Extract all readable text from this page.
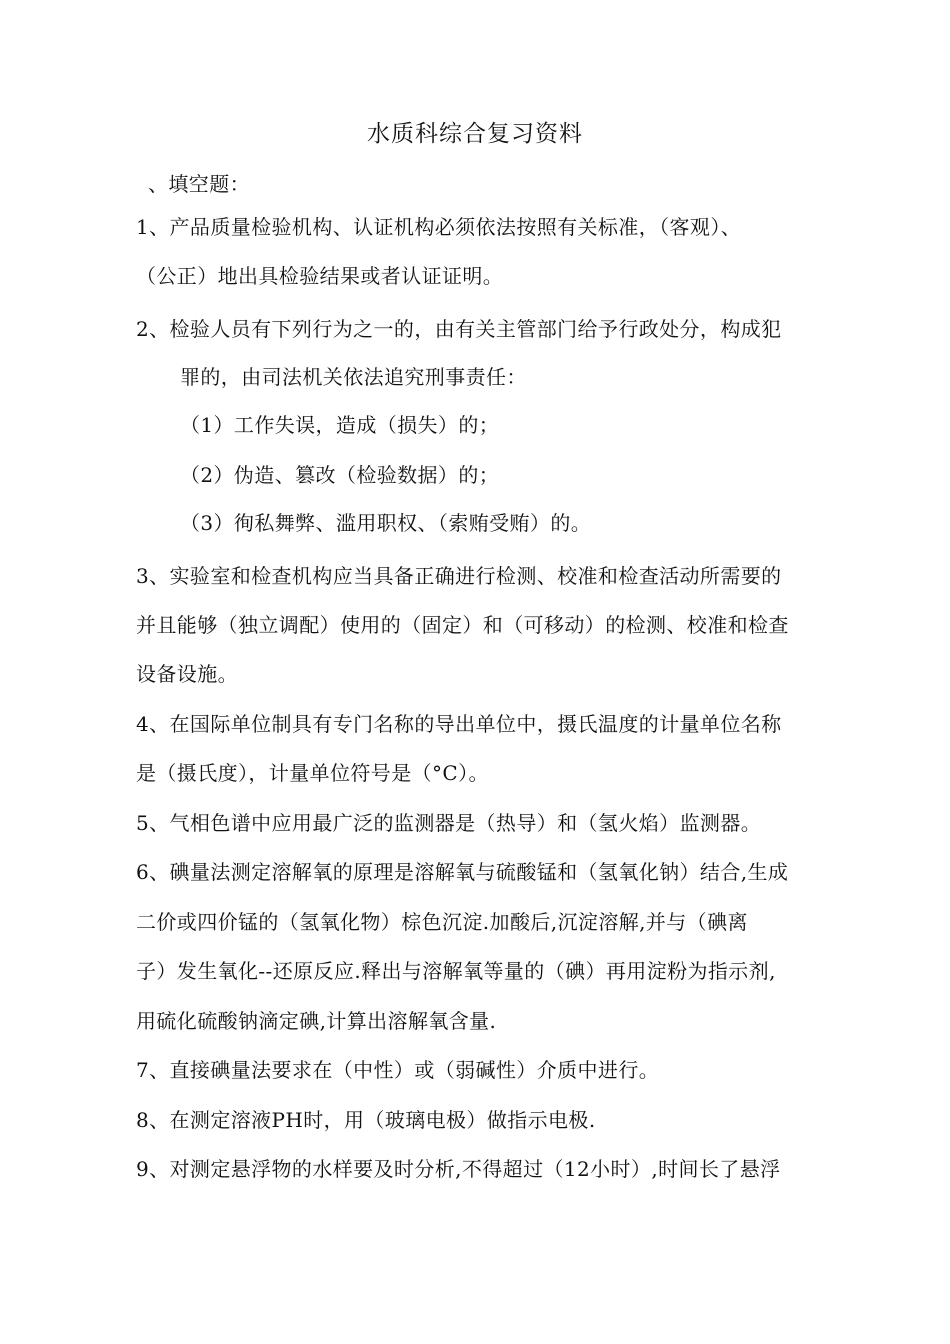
水质科综合复习资料
、填空题：
1、产品质量检验机构、认证机构必须依法按照有关标准，（客观）、
（公正）地出具检验结果或者认证证明。
2、检验人员有下列行为之一的，由有关主管部门给予行政处分，构成犯
罪的，由司法机关依法追究刑事责任：
（1）工作失误，造成（损失）的；
（2）伪造、篡改（检验数据）的；
（3）徇私舞弊、滥用职权、（索贿受贿）的。
3、实验室和检查机构应当具备正确进行检测、校准和检查活动所需要的
并且能够（独立调配）使用的（固定）和（可移动）的检测、校准和检查
设备设施。
4、在国际单位制具有专门名称的导出单位中，摄氏温度的计量单位名称
是（摄氏度），计量单位符号是（°C）。
5、气相色谱中应用最广泛的监测器是（热导）和（氢火焰）监测器。
6、碘量法测定溶解氧的原理是溶解氧与硫酸锰和（氢氧化钠）结合,生成
二价或四价锰的（氢氧化物）棕色沉淀.加酸后,沉淀溶解,并与（碘离
子）发生氧化--还原反应.释出与溶解氧等量的（碘）再用淀粉为指示剂,
用硫化硫酸钠滴定碘,计算出溶解氧含量.
7、直接碘量法要求在（中性）或（弱碱性）介质中进行。
8、在测定溶液PH时，用（玻璃电极）做指示电极.
9、对测定悬浮物的水样要及时分析,不得超过（12小时）,时间长了悬浮
